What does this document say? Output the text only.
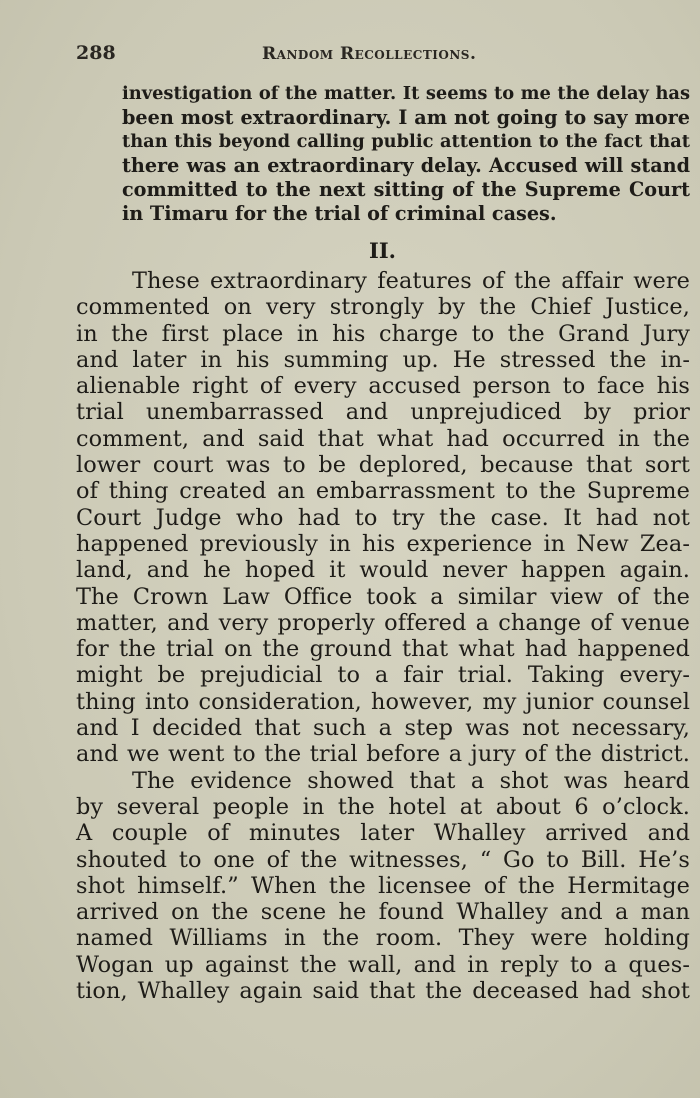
288	Random Recollections.
investigation of the matter. It seems to me the delay has
been most extraordinary. I am not going to say more
than this beyond calling public attention to the fact that
there was an extraordinary delay. Accused will stand
committed to the next sitting of the Supreme Court
in Timaru for the trial of criminal cases.
II.
These extraordinary features of the affair were
commented on very strongly by the Chief Justice,
in the first place in his charge to the Grand Jury
and later in his summing up. He stressed the in-
alienable right of every accused person to face his
trial unembarrassed and unprejudiced by prior
comment, and said that what had occurred in the
lower court was to be deplored, because that sort
of thing created an embarrassment to the Supreme
Court Judge who had to try the case. It had not
happened previously in his experience in New Zea-
land, and he hoped it would never happen again.
The Crown Law Office took a similar view of the
matter, and very properly offered a change of venue
for the trial on the ground that what had happened
might be prejudicial to a fair trial. Taking every-
thing into consideration, however, my junior counsel
and I decided that such a step was not necessary,
and we went to the trial before a jury of the district.
The evidence showed that a shot was heard
by several people in the hotel at about 6 o’clock.
A couple of minutes later Whalley arrived and
shouted to one of the witnesses, “ Go to Bill. He’s
shot himself.” When the licensee of the Hermitage
arrived on the scene he found Whalley and a man
named Williams in the room. They were holding
Wogan up against the wall, and in reply to a ques-
tion, Whalley again said that the deceased had shot
